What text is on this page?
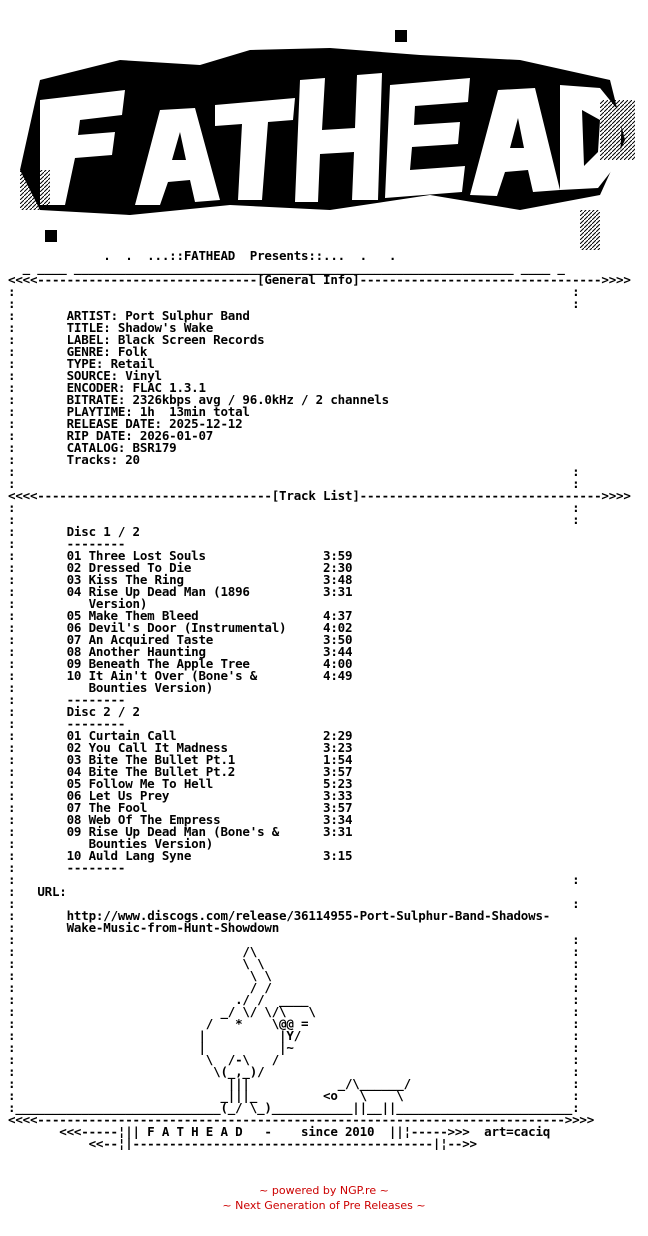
.  .  ...::FATHEAD  Presents::...  .   .
_ ____ ____________________________________________________________ ____ _
<<<<------------------------------[General Info]--------------------------------->>>>
:                                                                            :
:                                                                            :
:	ARTIST: Port Sulphur Band
:	TITLE: Shadow's Wake
:	LABEL: Black Screen Records
:	GENRE: Folk
:	TYPE: Retail
:	SOURCE: Vinyl
:	ENCODER: FLAC 1.3.1
:	BITRATE: 2326kbps avg / 96.0kHz / 2 channels
:	PLAYTIME: 1h  13min total
:	RELEASE DATE: 2025-12-12
:	RIP DATE: 2026-01-07
:	CATALOG: BSR179
:	Tracks: 20
:                                                                            :
:                                                                            :
<<<<--------------------------------[Track List]--------------------------------->>>>
:                                                                            :
:                                                                            :
:	Disc 1 / 2
:       --------
:       01 Three Lost Souls                3:59
:       02 Dressed To Die                  2:30
:       03 Kiss The Ring                   3:48
:       04 Rise Up Dead Man (1896          3:31
:          Version)
:       05 Make Them Bleed                 4:37
:       06 Devil's Door (Instrumental)     4:02
:       07 An Acquired Taste               3:50
:       08 Another Haunting                3:44
:       09 Beneath The Apple Tree          4:00
:       10 It Ain't Over (Bone's &         4:49
:          Bounties Version)
:       --------
:	Disc 2 / 2
:       --------
:       01 Curtain Call                    2:29
:       02 You Call It Madness             3:23
:       03 Bite The Bullet Pt.1            1:54
:       04 Bite The Bullet Pt.2            3:57
:       05 Follow Me To Hell               5:23
:       06 Let Us Prey                     3:33
:       07 The Fool                        3:57
:       08 Web Of The Empress              3:34
:       09 Rise Up Dead Man (Bone's &      3:31
:          Bounties Version)
:       10 Auld Lang Syne                  3:15
:       --------
:                                                                            :
:   URL:
:                                                                            :
:	http://www.discogs.com/release/36114955-Port-Sulphur-Band-Shadows-
:	Wake-Music-from-Hunt-Showdown
:                                                                            :
:                               /\                                           :
:                               \ \                                          :
:                                \ \                                         :
:                                / /                                         :
:                              ./ /  ____                                    :
:                            _/ \/ \/\   \                                   :
:                          /   *    \@@ =                                    :
:                         |          |Y/                                     :
:                         |          |~                                      :
:                          \  /-\   /                                        :
:                           \(_,_)/                                          :
:                             |||            _/\______/                      :
:                            _|||_         <o   \    \                       :
:____________________________(_/ \_)___________||__||________________________:
<<<<------------------------------------------------------------------------>>>>
<<<-----¦|| F A T H E A D   -    since 2010  ||¦----->>>  art=caciq
<<--¦|-----------------------------------------|¦-->>
~ powered by NGP.re ~
~ Next Generation of Pre Releases ~
